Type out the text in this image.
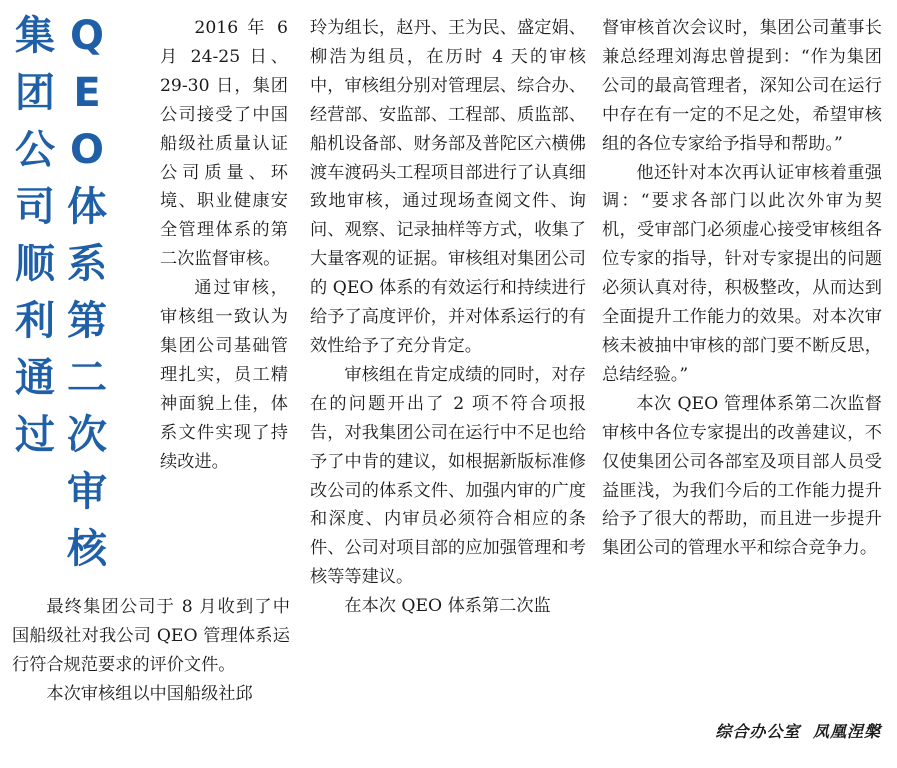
集
团
公
司
顺
利
通
过
Q
E
O
体
系
第
二
次
审
核

2016 年 6 月 24-25 日、29-30 日，集团公司接受了中国船级社质量认证公司质量、环境、职业健康安全管理体系的第二次监督审核。

通过审核，审核组一致认为集团公司基础管理扎实，员工精神面貌上佳，体系文件实现了持续改进。

最终集团公司于 8 月收到了中国船级社对我公司 QEO 管理体系运行符合规范要求的评价文件。

本次审核组以中国船级社邱

玲为组长，赵丹、王为民、盛定娟、柳浩为组员，在历时 4 天的审核中，审核组分别对管理层、综合办、经营部、安监部、工程部、质监部、船机设备部、财务部及普陀区六横佛渡车渡码头工程项目部进行了认真细致地审核，通过现场查阅文件、询问、观察、记录抽样等方式，收集了大量客观的证据。审核组对集团公司的 QEO 体系的有效运行和持续进行给予了高度评价，并对体系运行的有效性给予了充分肯定。

审核组在肯定成绩的同时，对存在的问题开出了 2 项不符合项报告，对我集团公司在运行中不足也给予了中肯的建议，如根据新版标准修改公司的体系文件、加强内审的广度和深度、内审员必须符合相应的条件、公司对项目部的应加强管理和考核等等建议。

在本次 QEO 体系第二次监

督审核首次会议时，集团公司董事长兼总经理刘海忠曾提到：“作为集团公司的最高管理者，深知公司在运行中存在有一定的不足之处，希望审核组的各位专家给予指导和帮助。”

他还针对本次再认证审核着重强调：“要求各部门以此次外审为契机，受审部门必须虚心接受审核组各位专家的指导，针对专家提出的问题必须认真对待，积极整改，从而达到全面提升工作能力的效果。对本次审核未被抽中审核的部门要不断反思，总结经验。”

本次 QEO 管理体系第二次监督审核中各位专家提出的改善建议，不仅使集团公司各部室及项目部人员受益匪浅，为我们今后的工作能力提升给予了很大的帮助，而且进一步提升集团公司的管理水平和综合竞争力。

综合办公室 凤凰涅槃
